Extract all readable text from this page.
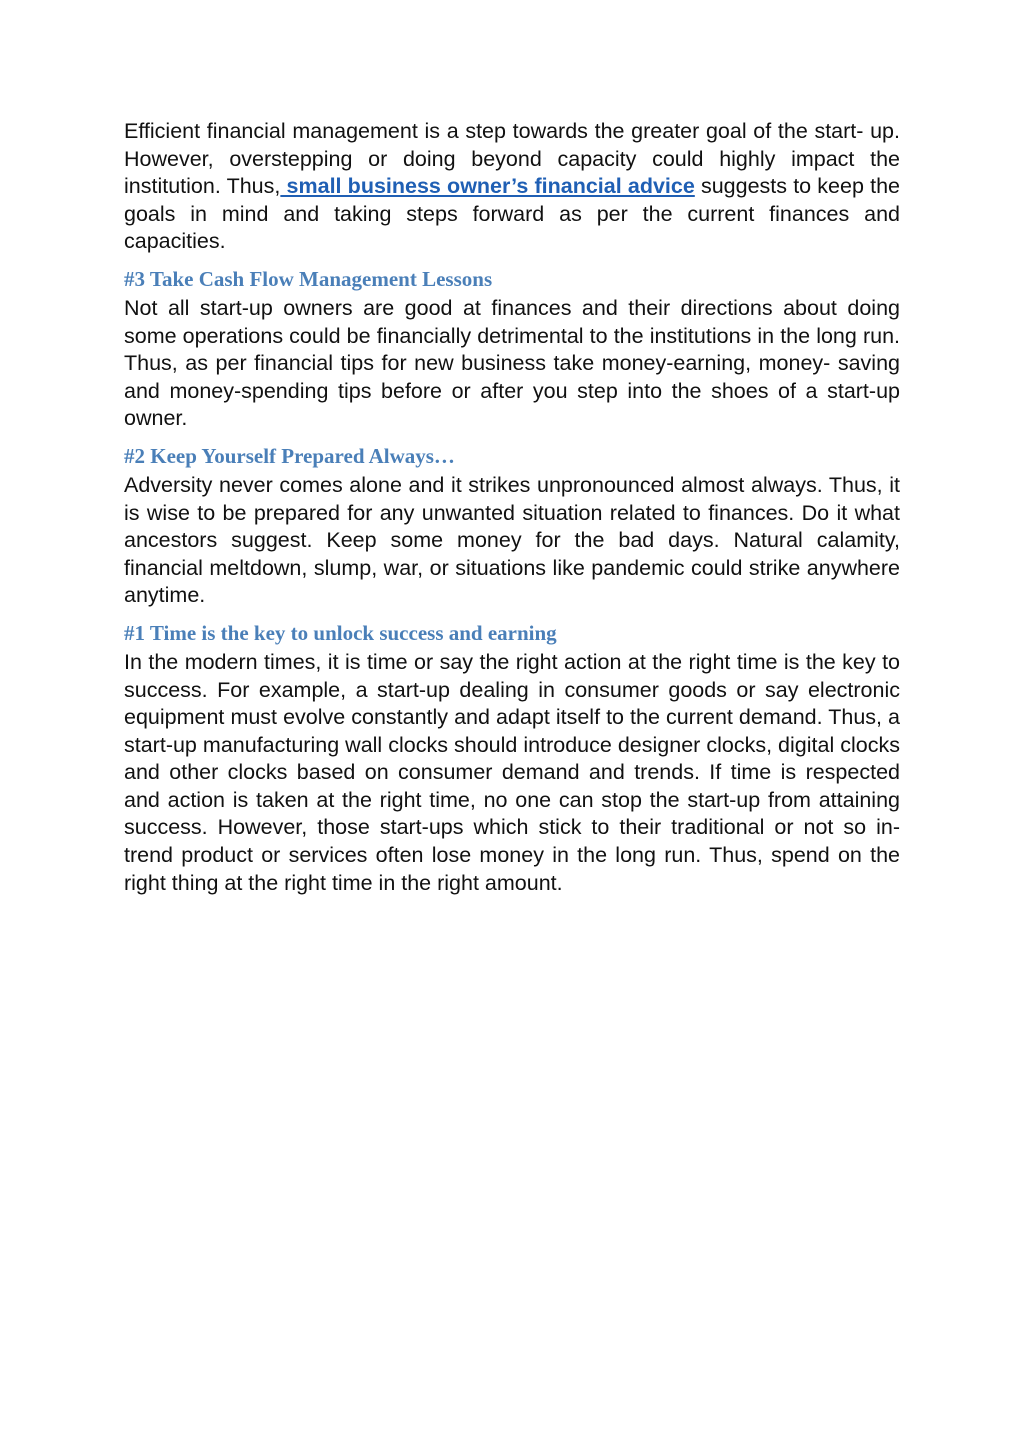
Efficient financial management is a step towards the greater goal of the start- up. However, overstepping or doing beyond capacity could highly impact the institution. Thus, small business owner’s financial advice suggests to keep the goals in mind and taking steps forward as per the current finances and capacities.

#3 Take Cash Flow Management Lessons

Not all start-up owners are good at finances and their directions about doing some operations could be financially detrimental to the institutions in the long run. Thus, as per financial tips for new business take money-earning, money- saving and money-spending tips before or after you step into the shoes of a start-up owner.

#2 Keep Yourself Prepared Always…

Adversity never comes alone and it strikes unpronounced almost always. Thus, it is wise to be prepared for any unwanted situation related to finances. Do it what ancestors suggest. Keep some money for the bad days. Natural calamity, financial meltdown, slump, war, or situations like pandemic could strike anywhere anytime.

#1 Time is the key to unlock success and earning

In the modern times, it is time or say the right action at the right time is the key to success. For example, a start-up dealing in consumer goods or say electronic equipment must evolve constantly and adapt itself to the current demand. Thus, a start-up manufacturing wall clocks should introduce designer clocks, digital clocks and other clocks based on consumer demand and trends. If time is respected and action is taken at the right time, no one can stop the start-up from attaining success. However, those start-ups which stick to their traditional or not so in-trend product or services often lose money in the long run. Thus, spend on the right thing at the right time in the right amount.
